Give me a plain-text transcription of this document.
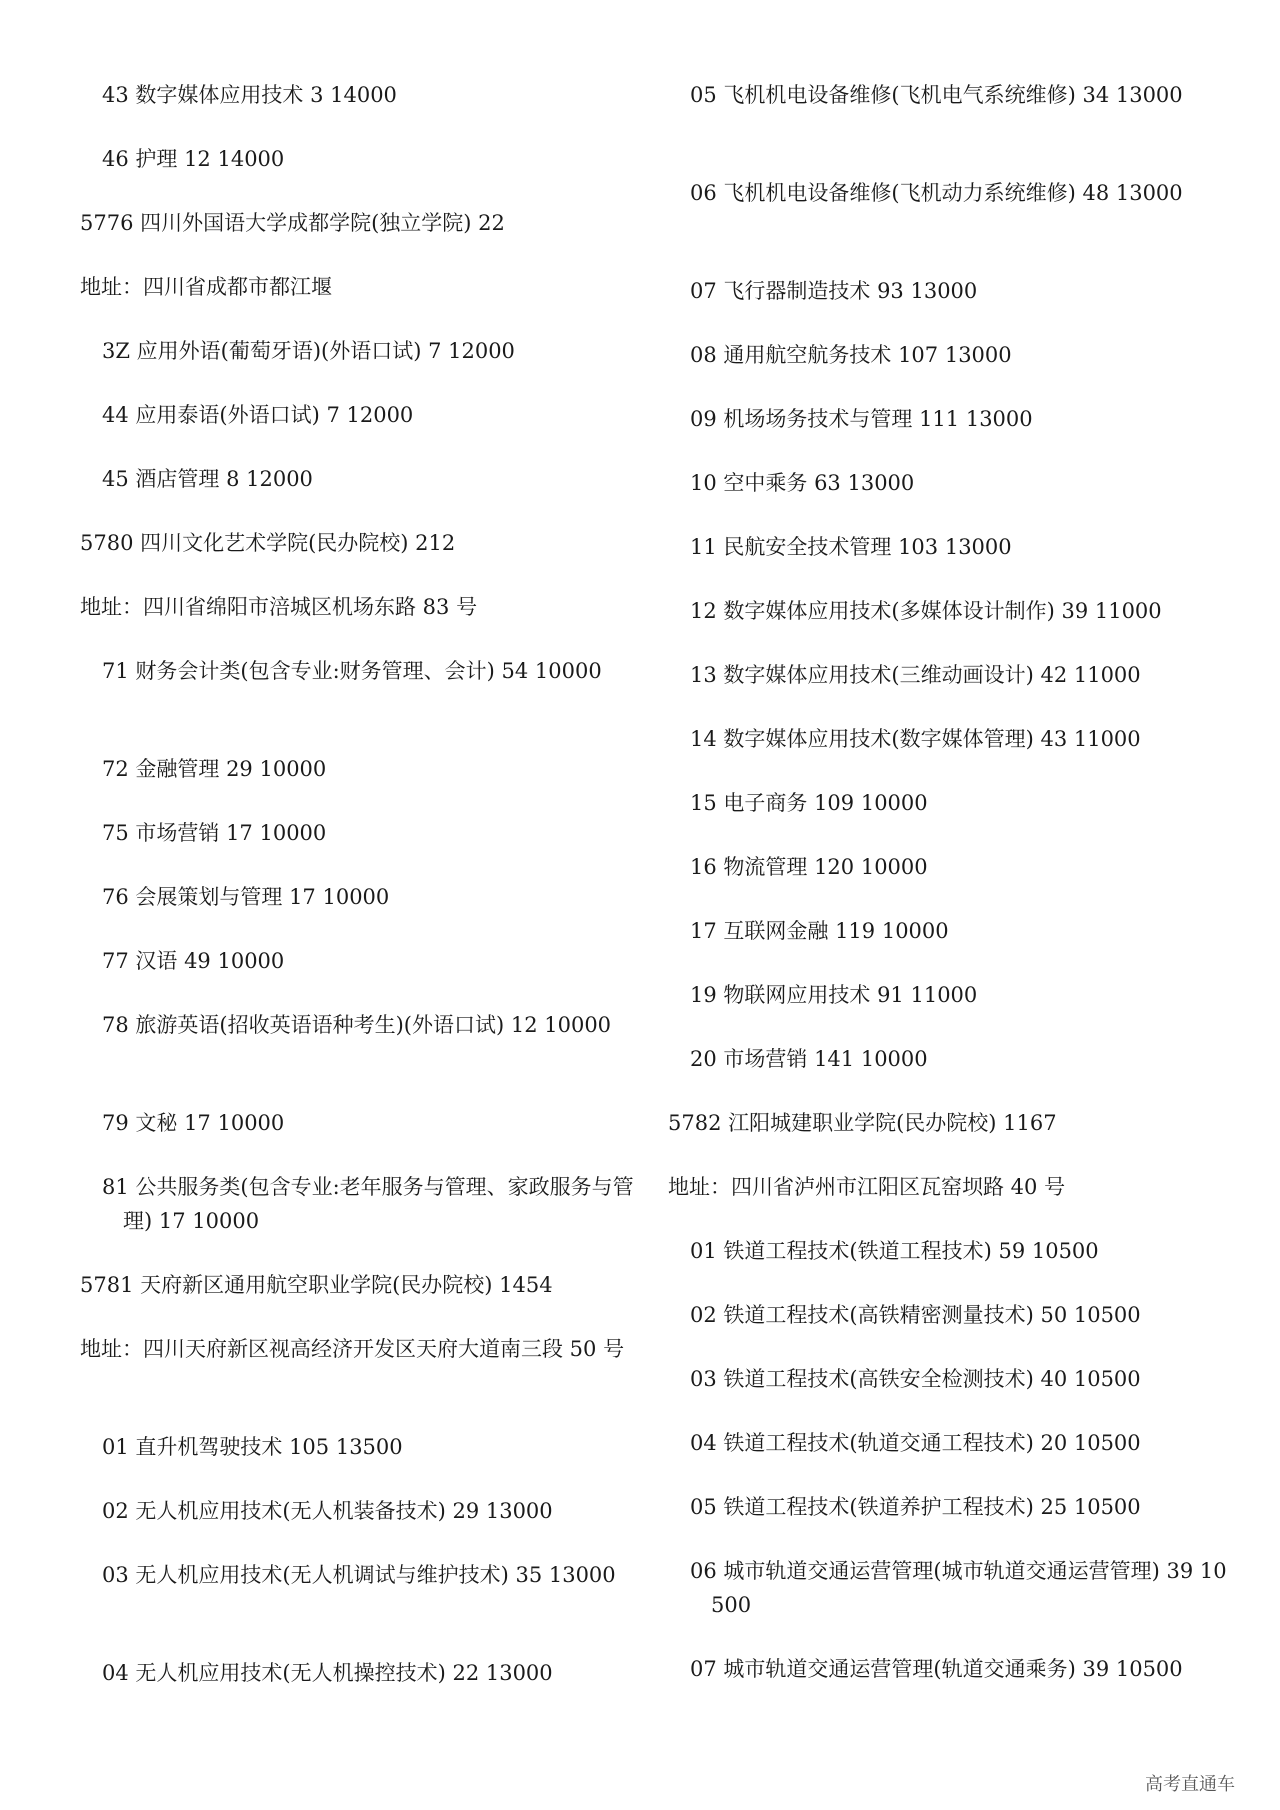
43 数字媒体应用技术 3 14000
46 护理 12 14000
5776 四川外国语大学成都学院(独立学院) 22
地址：四川省成都市都江堰
3Z 应用外语(葡萄牙语)(外语口试) 7 12000
44 应用泰语(外语口试) 7 12000
45 酒店管理 8 12000
5780 四川文化艺术学院(民办院校) 212
地址：四川省绵阳市涪城区机场东路 83 号
71 财务会计类(包含专业:财务管理、会计) 54 10000
72 金融管理 29 10000
75 市场营销 17 10000
76 会展策划与管理 17 10000
77 汉语 49 10000
78 旅游英语(招收英语语种考生)(外语口试) 12 10000
79 文秘 17 10000
81 公共服务类(包含专业:老年服务与管理、家政服务与管理) 17 10000
5781 天府新区通用航空职业学院(民办院校) 1454
地址：四川天府新区视高经济开发区天府大道南三段 50 号
01 直升机驾驶技术 105 13500
02 无人机应用技术(无人机装备技术) 29 13000
03 无人机应用技术(无人机调试与维护技术) 35 13000
04 无人机应用技术(无人机操控技术) 22 13000
05 飞机机电设备维修(飞机电气系统维修) 34 13000
06 飞机机电设备维修(飞机动力系统维修) 48 13000
07 飞行器制造技术 93 13000
08 通用航空航务技术 107 13000
09 机场场务技术与管理 111 13000
10 空中乘务 63 13000
11 民航安全技术管理 103 13000
12 数字媒体应用技术(多媒体设计制作) 39 11000
13 数字媒体应用技术(三维动画设计) 42 11000
14 数字媒体应用技术(数字媒体管理) 43 11000
15 电子商务 109 10000
16 物流管理 120 10000
17 互联网金融 119 10000
19 物联网应用技术 91 11000
20 市场营销 141 10000
5782 江阳城建职业学院(民办院校) 1167
地址：四川省泸州市江阳区瓦窑坝路 40 号
01 铁道工程技术(铁道工程技术) 59 10500
02 铁道工程技术(高铁精密测量技术) 50 10500
03 铁道工程技术(高铁安全检测技术) 40 10500
04 铁道工程技术(轨道交通工程技术) 20 10500
05 铁道工程技术(铁道养护工程技术) 25 10500
06 城市轨道交通运营管理(城市轨道交通运营管理) 39 10500
07 城市轨道交通运营管理(轨道交通乘务) 39 10500
高考直通车
